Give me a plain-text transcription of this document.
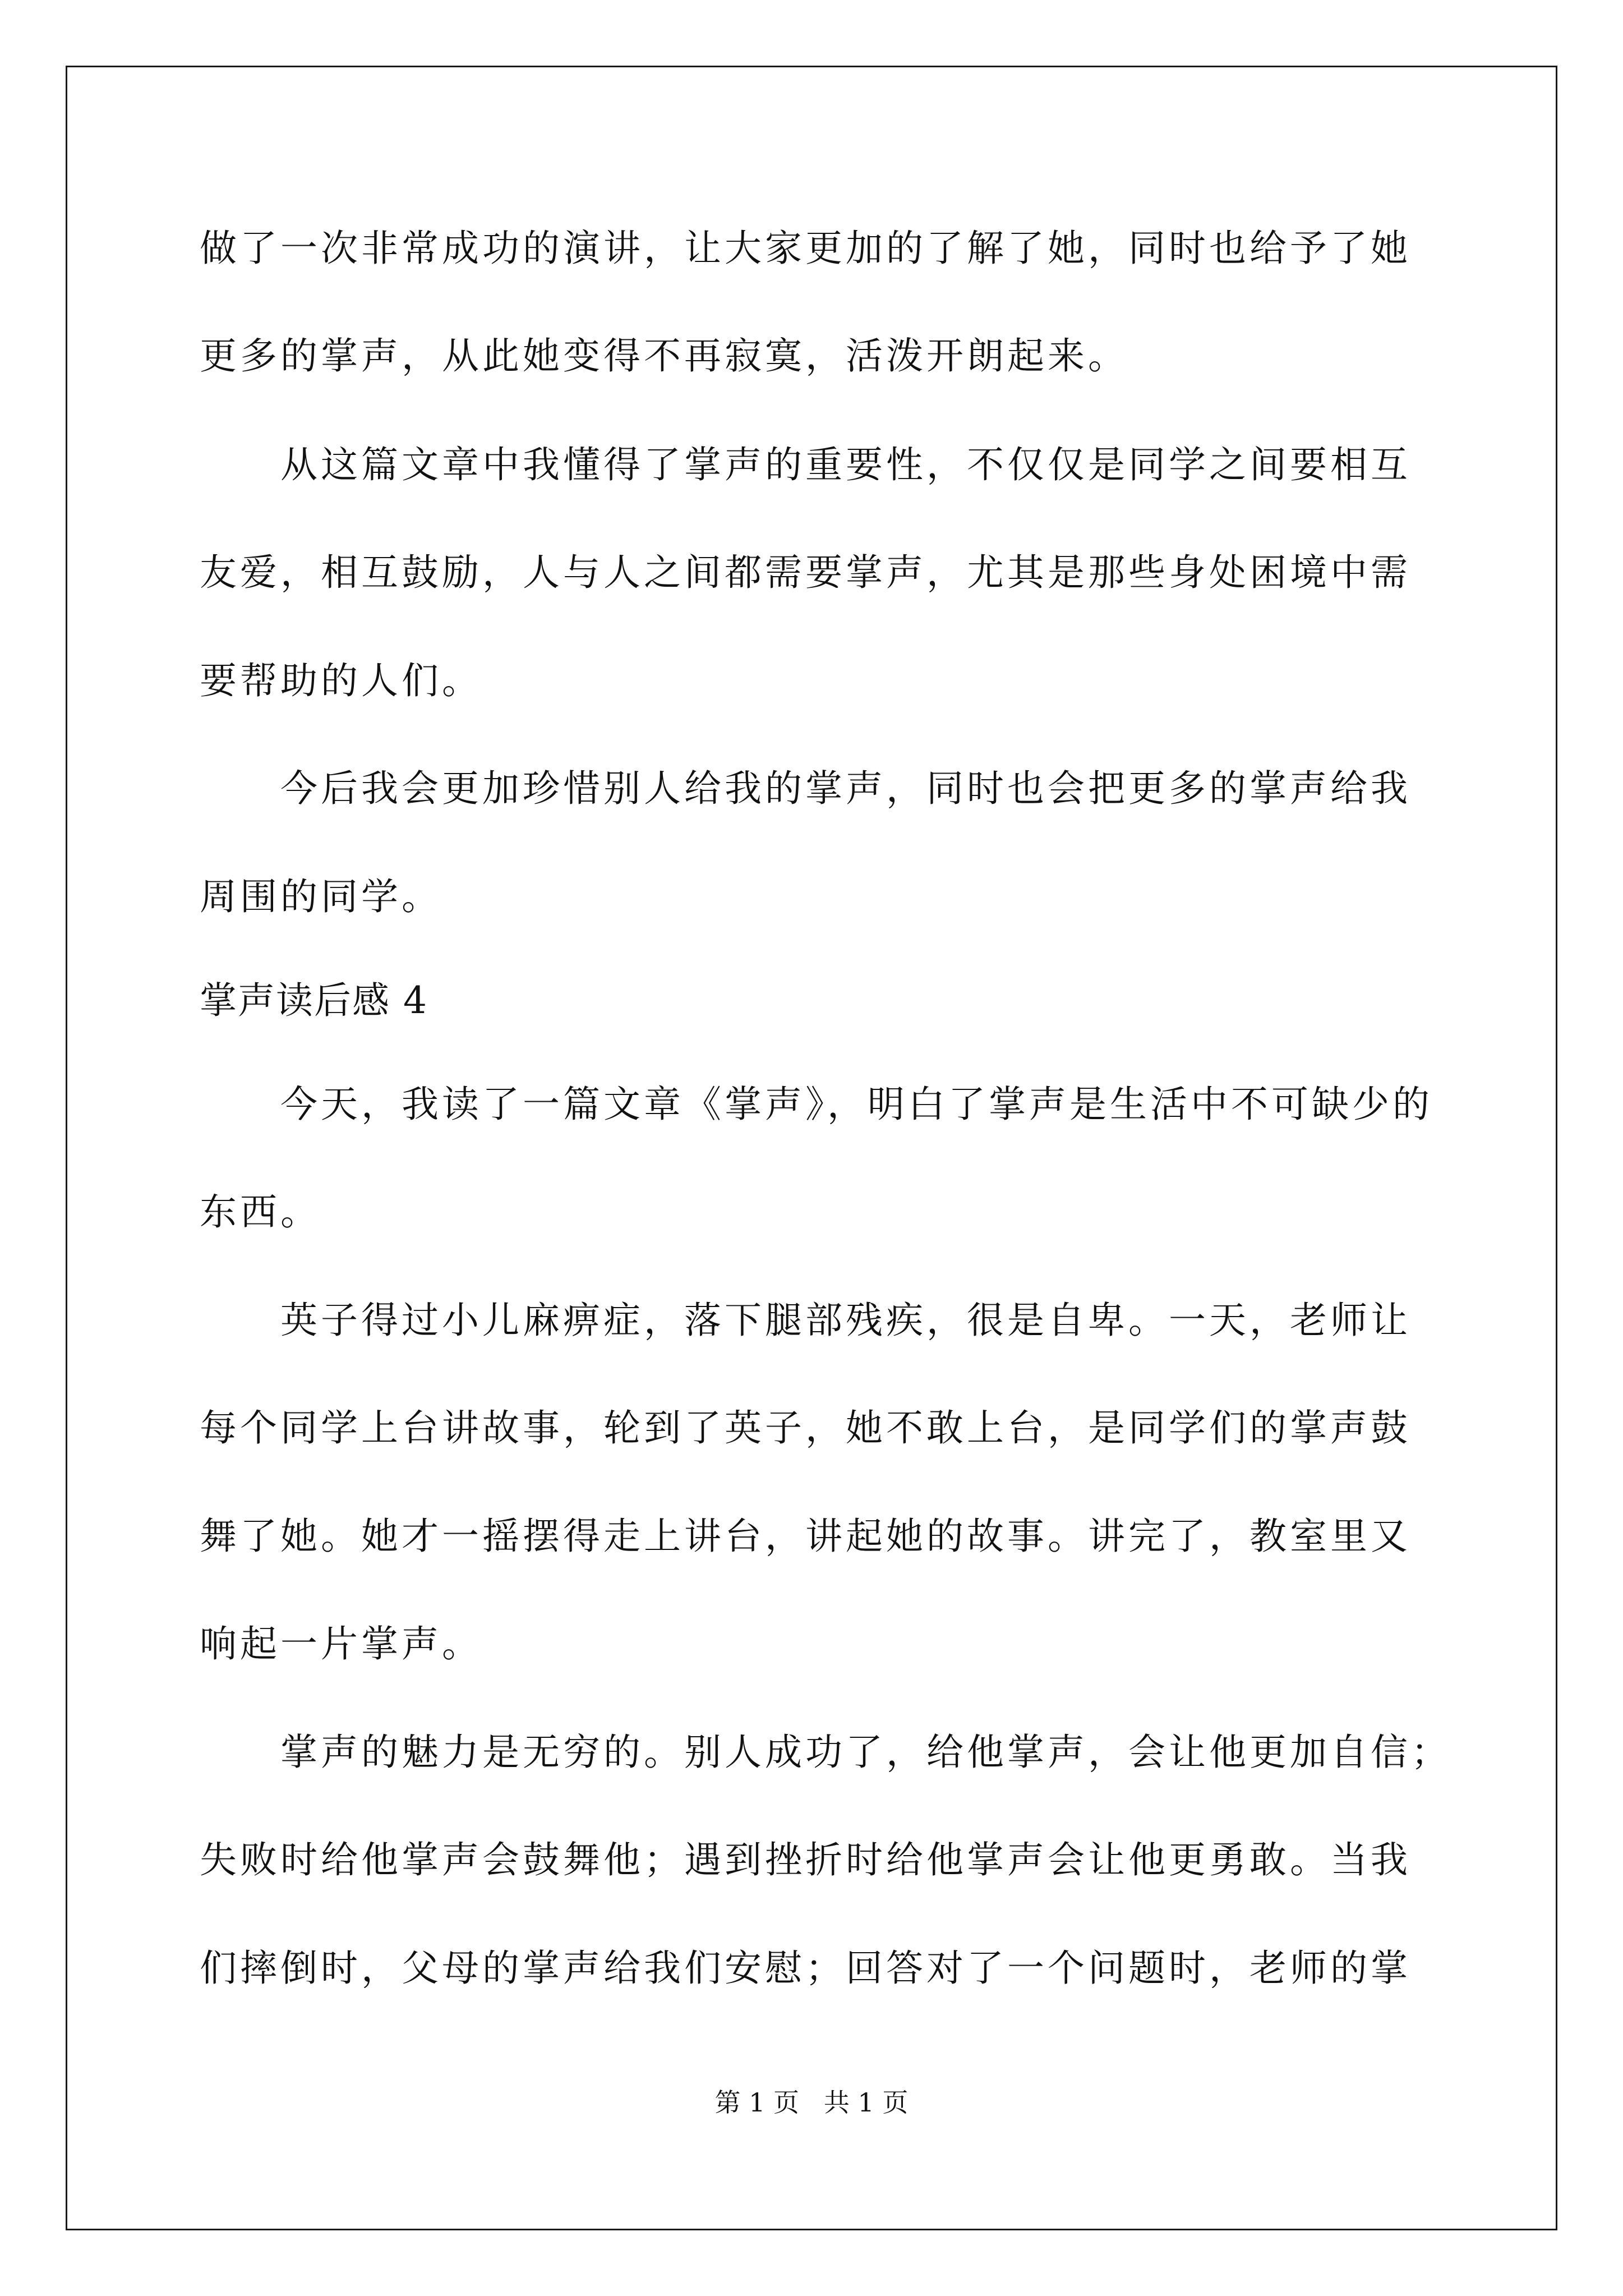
做了一次非常成功的演讲，让大家更加的了解了她，同时也给予了她
更多的掌声，从此她变得不再寂寞，活泼开朗起来。
从这篇文章中我懂得了掌声的重要性，不仅仅是同学之间要相互
友爱，相互鼓励，人与人之间都需要掌声，尤其是那些身处困境中需
要帮助的人们。
今后我会更加珍惜别人给我的掌声，同时也会把更多的掌声给我
周围的同学。
掌声读后感 4
今天，我读了一篇文章《掌声》，明白了掌声是生活中不可缺少的
东西。
英子得过小儿麻痹症，落下腿部残疾，很是自卑。一天，老师让
每个同学上台讲故事，轮到了英子，她不敢上台，是同学们的掌声鼓
舞了她。她才一摇摆得走上讲台，讲起她的故事。讲完了，教室里又
响起一片掌声。
掌声的魅力是无穷的。别人成功了，给他掌声，会让他更加自信；
失败时给他掌声会鼓舞他；遇到挫折时给他掌声会让他更勇敢。当我
们摔倒时，父母的掌声给我们安慰；回答对了一个问题时，老师的掌
第 1 页   共 1 页
